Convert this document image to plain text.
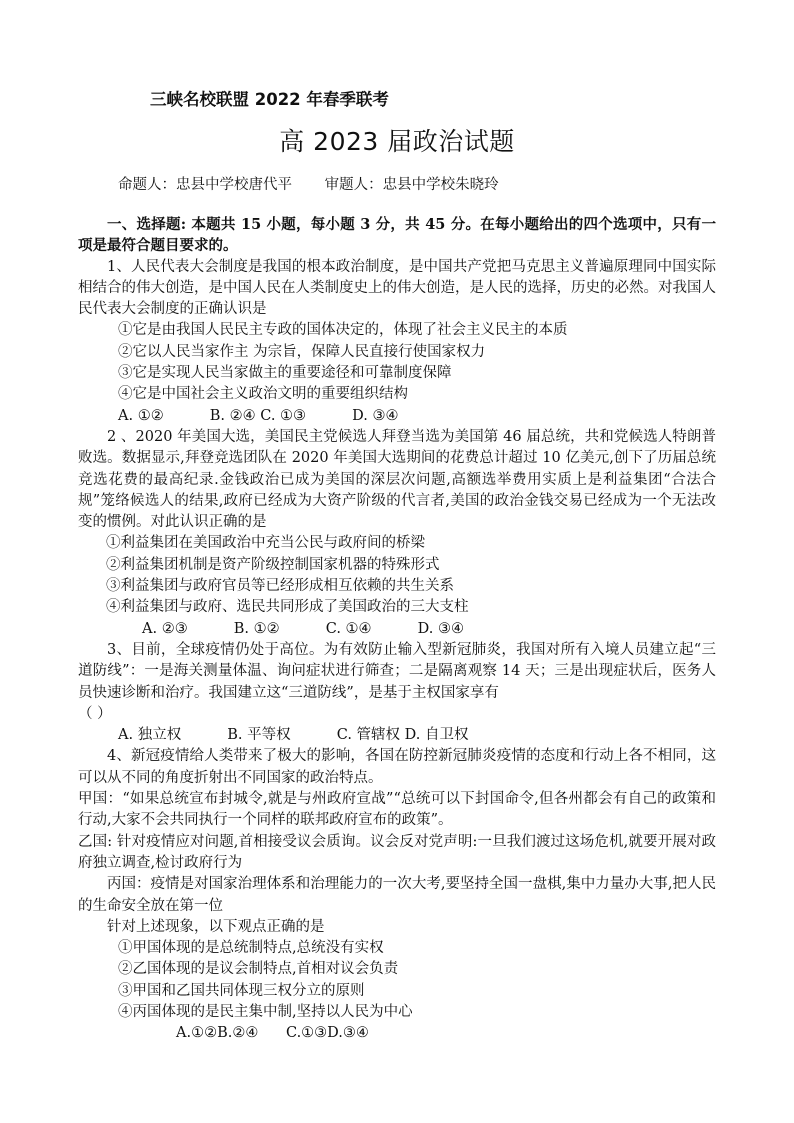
三峡名校联盟 2022 年春季联考
高 2023 届政治试题
命题人：忠县中学校唐代平 审题人：忠县中学校朱晓玲

一、选择题: 本题共 15 小题，每小题 3 分，共 45 分。在每小题给出的四个选项中，只有一项是最符合题目要求的。

1、人民代表大会制度是我国的根本政治制度，是中国共产党把马克思主义普遍原理同中国实际相结合的伟大创造，是中国人民在人类制度史上的伟大创造，是人民的选择，历史的必然。对我国人民代表大会制度的正确认识是

①它是由我国人民民主专政的国体决定的，体现了社会主义民主的本质

②它以人民当家作主 为宗旨，保障人民直接行使国家权力

③它是实现人民当家做主的重要途径和可靠制度保障

④它是中国社会主义政治文明的重要组织结构

A. ①②          B. ②④ C. ①③          D. ③④

2 、2020 年美国大选，美国民主党候选人拜登当选为美国第 46 届总统，共和党候选人特朗普败选。数据显示,拜登竞选团队在 2020 年美国大选期间的花费总计超过 10 亿美元,创下了历届总统竞选花费的最高纪录.金钱政治已成为美国的深层次问题,高额选举费用实质上是利益集团“合法合规”笼络候选人的结果,政府已经成为大资产阶级的代言者,美国的政治金钱交易已经成为一个无法改变的惯例。对此认识正确的是

①利益集团在美国政治中充当公民与政府间的桥梁

②利益集团机制是资产阶级控制国家机器的特殊形式

③利益集团与政府官员等已经形成相互依赖的共生关系

④利益集团与政府、选民共同形成了美国政治的三大支柱

A. ②③          B. ①②          C. ①④          D. ③④

3、目前，全球疫情仍处于高位。为有效防止输入型新冠肺炎，我国对所有入境人员建立起“三道防线”：一是海关测量体温、询问症状进行筛查；二是隔离观察 14 天；三是出现症状后，医务人员快速诊断和治疗。我国建立这“三道防线”，是基于主权国家享有

（ ）

A. 独立权          B. 平等权          C. 管辖权 D. 自卫权

4、新冠疫情给人类带来了极大的影响，各国在防控新冠肺炎疫情的态度和行动上各不相同，这可以从不同的角度折射出不同国家的政治特点。

甲国：“如果总统宣布封城令,就是与州政府宣战”“总统可以下封国命令,但各州都会有自己的政策和行动,大家不会共同执行一个同样的联邦政府宣布的政策”。

乙国: 针对疫情应对问题,首相接受议会质询。议会反对党声明:一旦我们渡过这场危机,就要开展对政府独立调查,检讨政府行为

丙国：疫情是对国家治理体系和治理能力的一次大考,要坚持全国一盘棋,集中力量办大事,把人民的生命安全放在第一位

针对上述现象，以下观点正确的是

①甲国体现的是总统制特点,总统没有实权

②乙国体现的是议会制特点,首相对议会负责

③甲国和乙国共同体现三权分立的原则

④丙国体现的是民主集中制,坚持以人民为中心

A.①②B.②④      C.①③D.③④
